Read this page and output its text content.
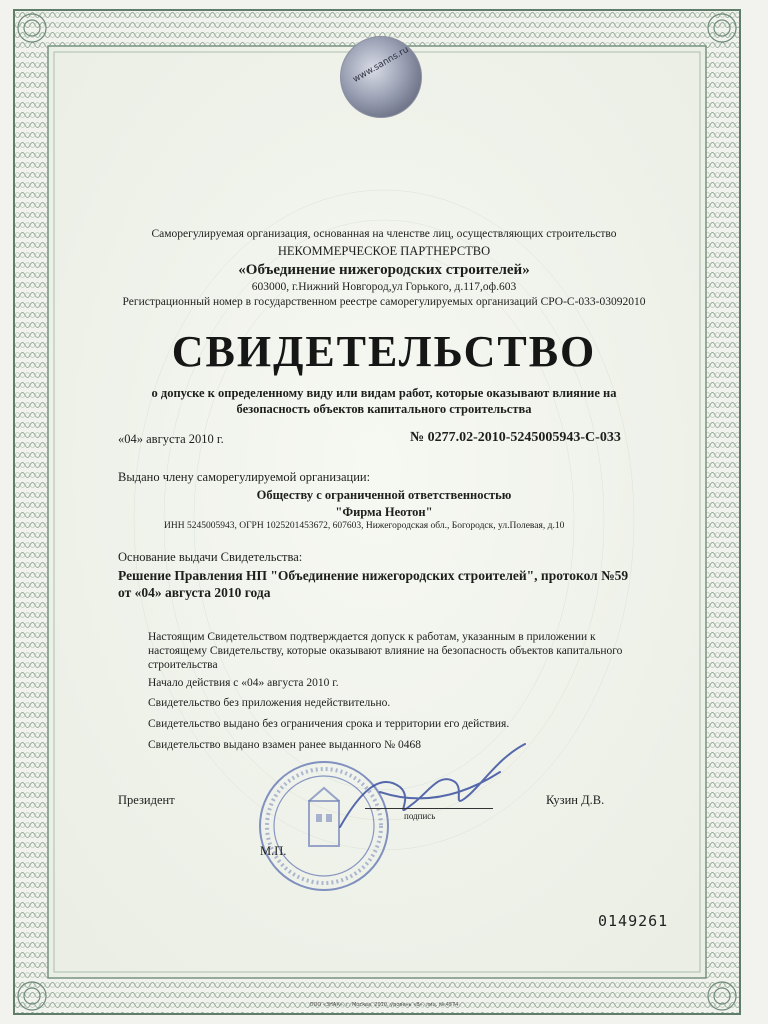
www.sanns.ru
Саморегулируемая организация, основанная на членстве лиц, осуществляющих строительство
НЕКОММЕРЧЕСКОЕ ПАРТНЕРСТВО
«Объединение нижегородских строителей»
603000, г.Нижний Новгород,ул Горького, д.117,оф.603
Регистрационный номер в государственном реестре саморегулируемых организаций СРО-С-033-03092010
СВИДЕТЕЛЬСТВО
о допуске к определенному виду или видам работ, которые оказывают влияние на
безопасность объектов капитального строительства
«04» августа 2010 г.	№ 0277.02-2010-5245005943-С-033
Выдано члену саморегулируемой организации:
Обществу с ограниченной ответственностью
"Фирма Неотон"
ИНН 5245005943, ОГРН 1025201453672, 607603, Нижегородская обл., Богородск, ул.Полевая, д.10
Основание выдачи Свидетельства:
Решение Правления НП "Объединение нижегородских строителей", протокол №59
от «04» августа 2010 года
Настоящим Свидетельством подтверждается допуск к работам, указанным в приложении к
настоящему Свидетельству, которые оказывают влияние на безопасность объектов капитального
строительства
Начало действия с «04» августа 2010 г.
Свидетельство без приложения недействительно.
Свидетельство выдано без ограничения срока и территории его действия.
Свидетельство выдано взамен ранее выданного № 0468
Президент
подпись
Кузин Д.В.
М.П.
0149261
ООО «ЗНАК», г. Москва, 2010, уровень «В», лиц. № 4574
